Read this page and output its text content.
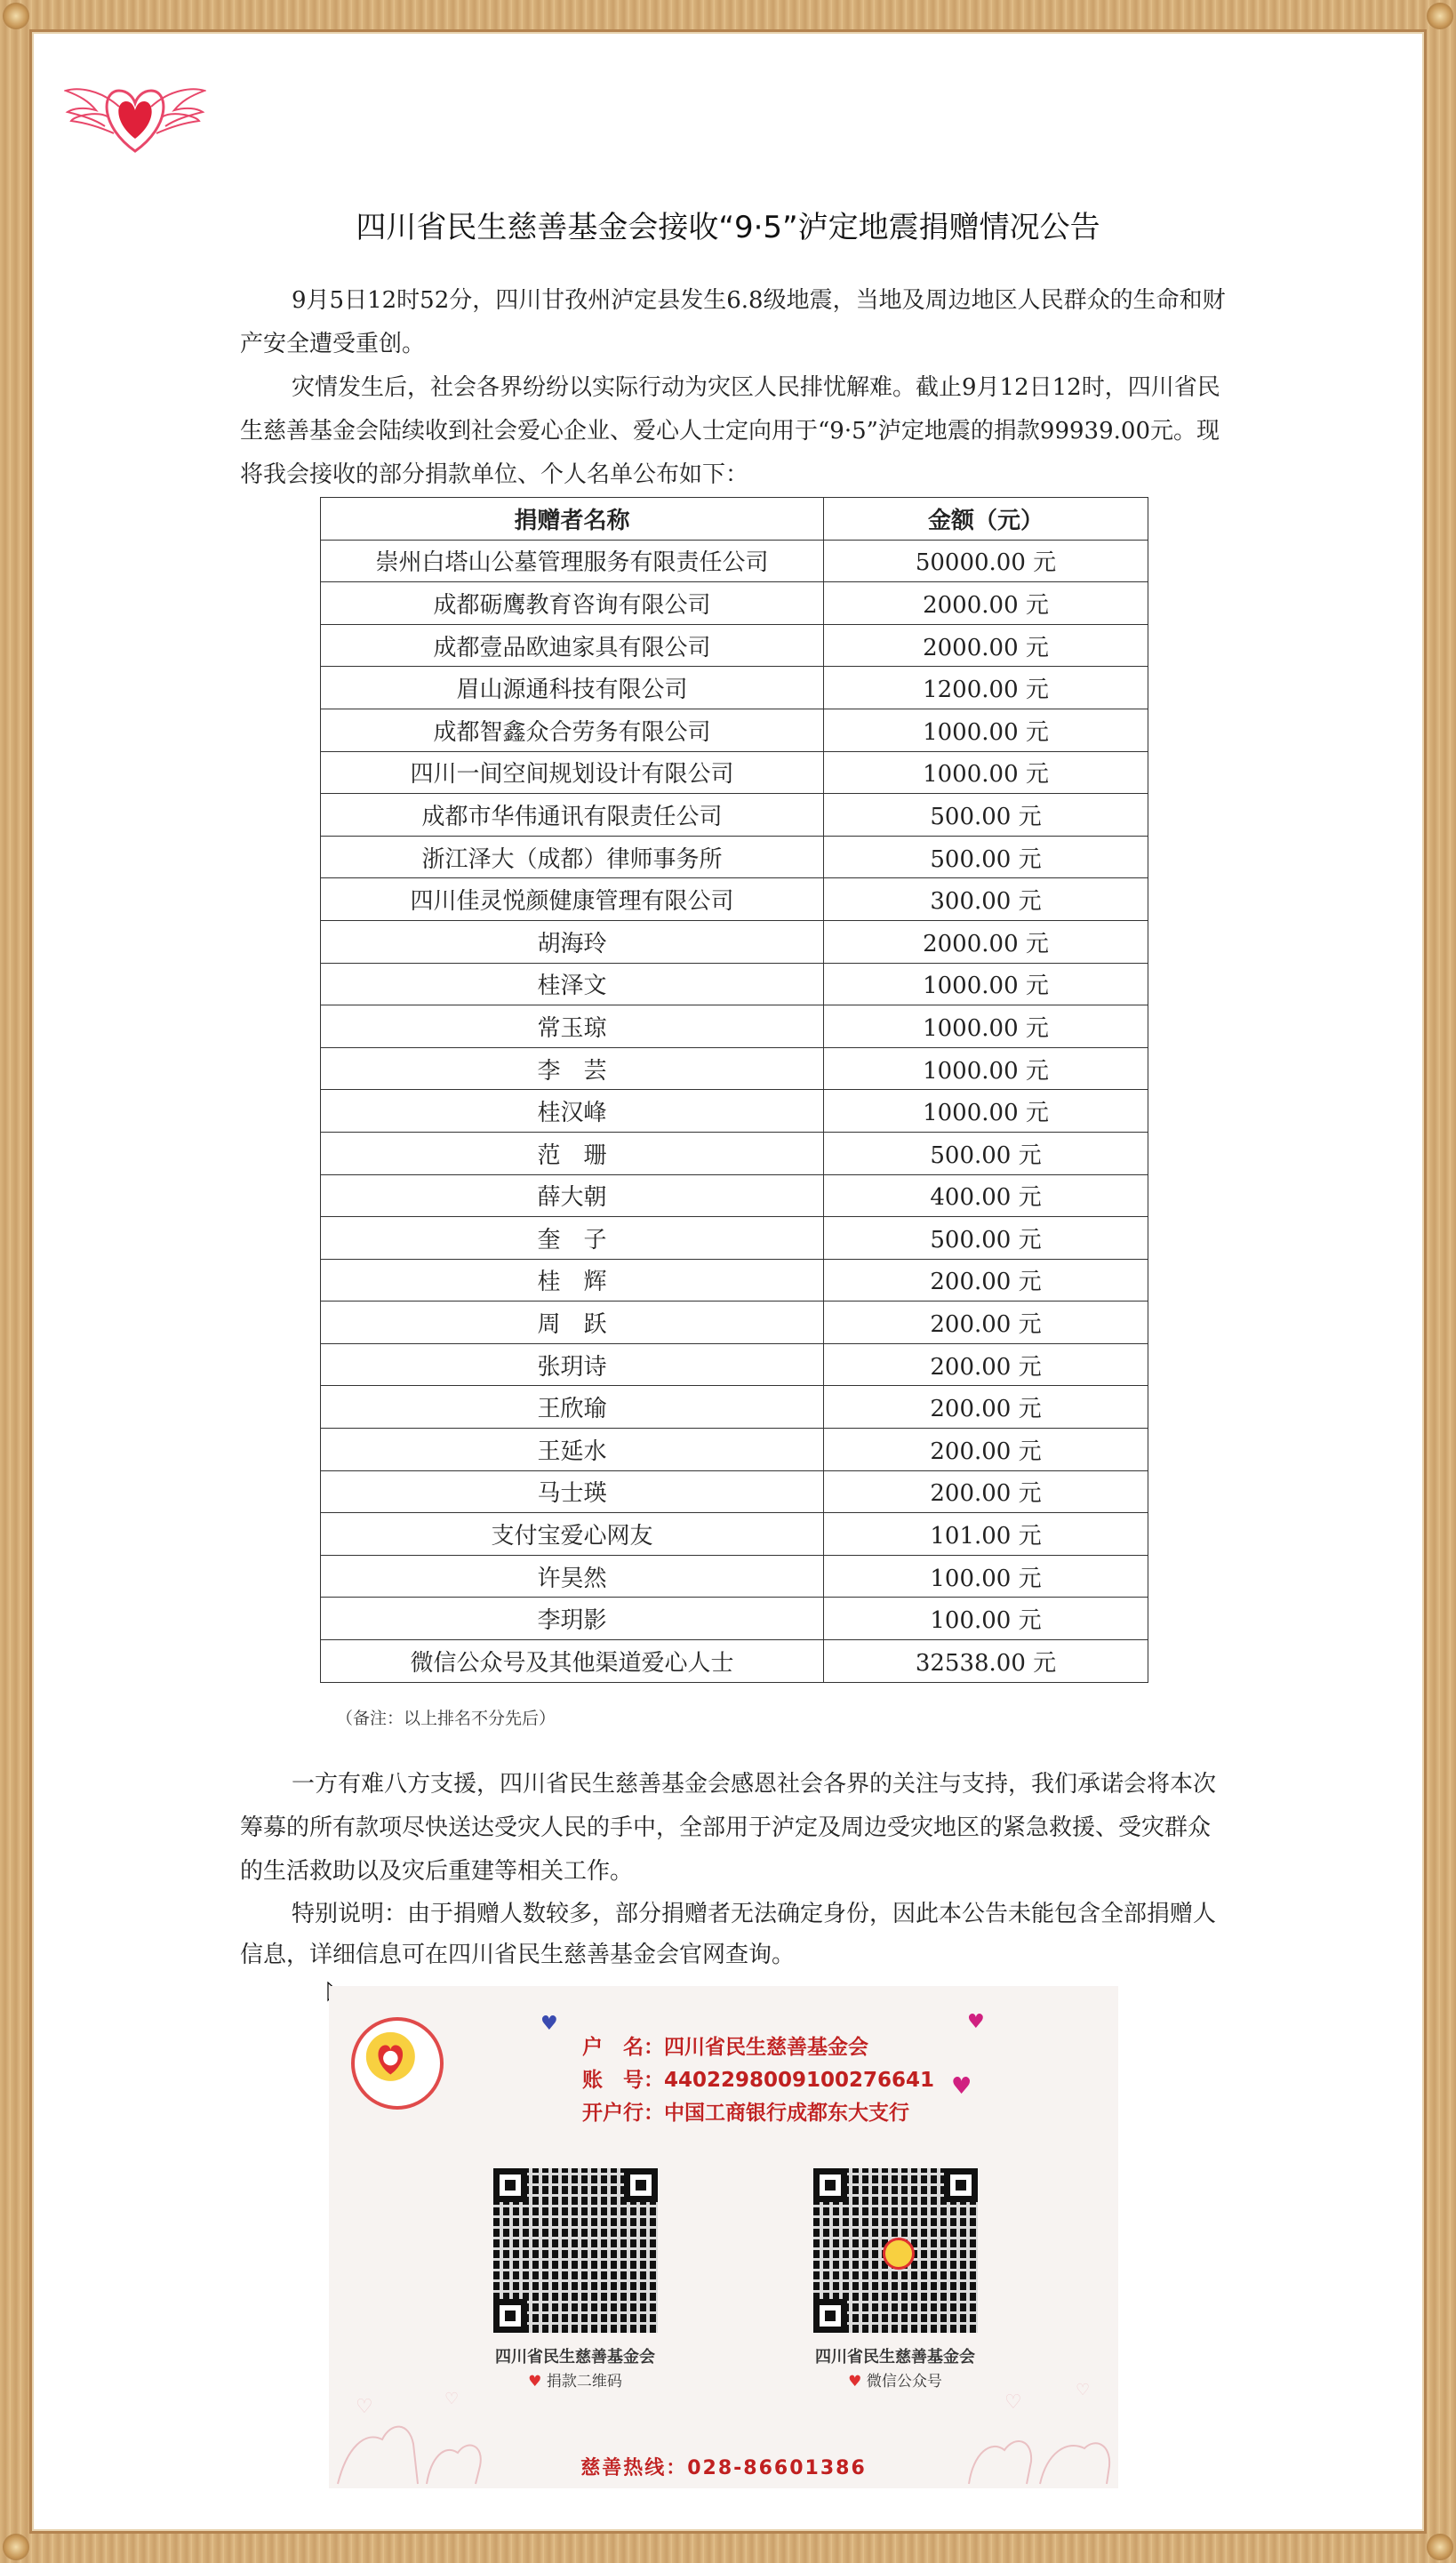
四川省民生慈善基金会接收“9·5”泸定地震捐赠情况公告

9月5日12时52分，四川甘孜州泸定县发生6.8级地震，当地及周边地区人民群众的生命和财产安全遭受重创。

灾情发生后，社会各界纷纷以实际行动为灾区人民排忧解难。截止9月12日12时，四川省民生慈善基金会陆续收到社会爱心企业、爱心人士定向用于“9·5”泸定地震的捐款99939.00元。现将我会接收的部分捐款单位、个人名单公布如下：

捐赠者名称	金额（元）
崇州白塔山公墓管理服务有限责任公司	50000.00 元
成都砺鹰教育咨询有限公司	2000.00 元
成都壹品欧迪家具有限公司	2000.00 元
眉山源通科技有限公司	1200.00 元
成都智鑫众合劳务有限公司	1000.00 元
四川一间空间规划设计有限公司	1000.00 元
成都市华伟通讯有限责任公司	500.00 元
浙江泽大（成都）律师事务所	500.00 元
四川佳灵悦颜健康管理有限公司	300.00 元
胡海玲	2000.00 元
桂泽文	1000.00 元
常玉琼	1000.00 元
李　芸	1000.00 元
桂汉峰	1000.00 元
范　珊	500.00 元
薛大朝	400.00 元
奎　子	500.00 元
桂　辉	200.00 元
周　跃	200.00 元
张玥诗	200.00 元
王欣瑜	200.00 元
王延水	200.00 元
马士瑛	200.00 元
支付宝爱心网友	101.00 元
许昊然	100.00 元
李玥影	100.00 元
微信公众号及其他渠道爱心人士	32538.00 元
（备注：以上排名不分先后）

一方有难八方支援，四川省民生慈善基金会感恩社会各界的关注与支持，我们承诺会将本次筹募的所有款项尽快送达受灾人民的手中，全部用于泸定及周边受灾地区的紧急救援、受灾群众的生活救助以及灾后重建等相关工作。

特别说明：由于捐赠人数较多，部分捐赠者无法确定身份，因此本公告未能包含全部捐赠人信息，详细信息可在四川省民生慈善基金会官网查询。

♥	♥
♥
户　名：四川省民生慈善基金会
账　号：4402298009100276641
开户行：中国工商银行成都东大支行
四川省民生慈善基金会
♥ 捐款二维码
四川省民生慈善基金会
♥ 微信公众号
♡	♡	♡
♡
慈善热线：028-86601386
